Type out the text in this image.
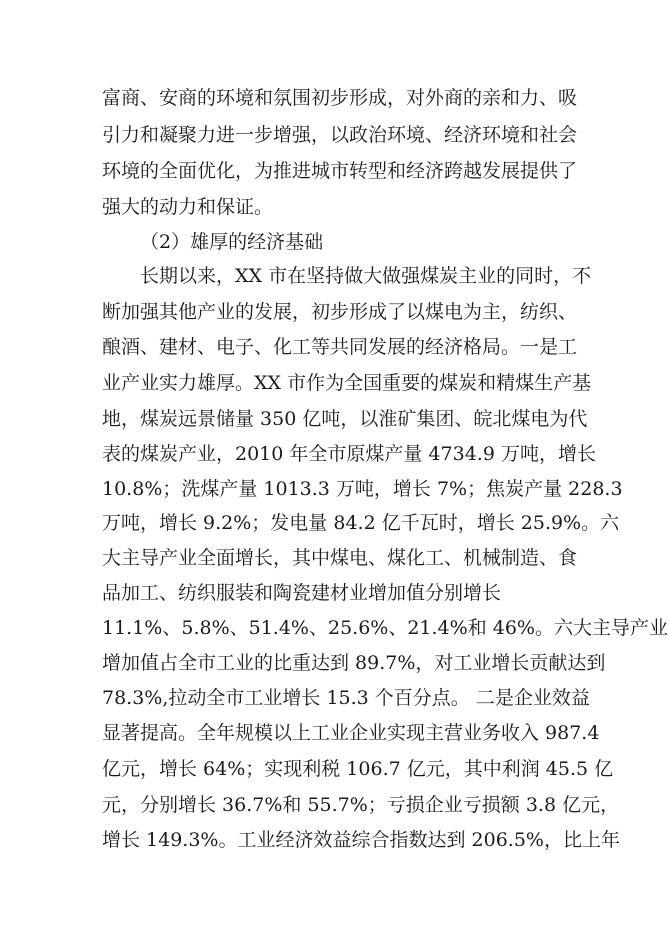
富商、安商的环境和氛围初步形成，对外商的亲和力、吸

引力和凝聚力进一步增强，以政治环境、经济环境和社会

环境的全面优化，为推进城市转型和经济跨越发展提供了

强大的动力和保证。

（2）雄厚的经济基础

长期以来，XX 市在坚持做大做强煤炭主业的同时，不

断加强其他产业的发展，初步形成了以煤电为主，纺织、

酿酒、建材、电子、化工等共同发展的经济格局。一是工

业产业实力雄厚。XX 市作为全国重要的煤炭和精煤生产基

地，煤炭远景储量 350 亿吨，以淮矿集团、皖北煤电为代

表的煤炭产业，2010 年全市原煤产量 4734.9 万吨，增长

10.8%；洗煤产量 1013.3 万吨，增长 7%；焦炭产量 228.3

万吨，增长 9.2%；发电量 84.2 亿千瓦时，增长 25.9%。六

大主导产业全面增长，其中煤电、煤化工、机械制造、食

品加工、纺织服装和陶瓷建材业增加值分别增长

11.1%、5.8%、51.4%、25.6%、21.4%和 46%。六大主导产业

增加值占全市工业的比重达到 89.7%，对工业增长贡献达到

78.3%,拉动全市工业增长 15.3 个百分点。 二是企业效益

显著提高。全年规模以上工业企业实现主营业务收入 987.4

亿元，增长 64%；实现利税 106.7 亿元，其中利润 45.5 亿

元，分别增长 36.7%和 55.7%；亏损企业亏损额 3.8 亿元，

增长 149.3%。工业经济效益综合指数达到 206.5%，比上年
